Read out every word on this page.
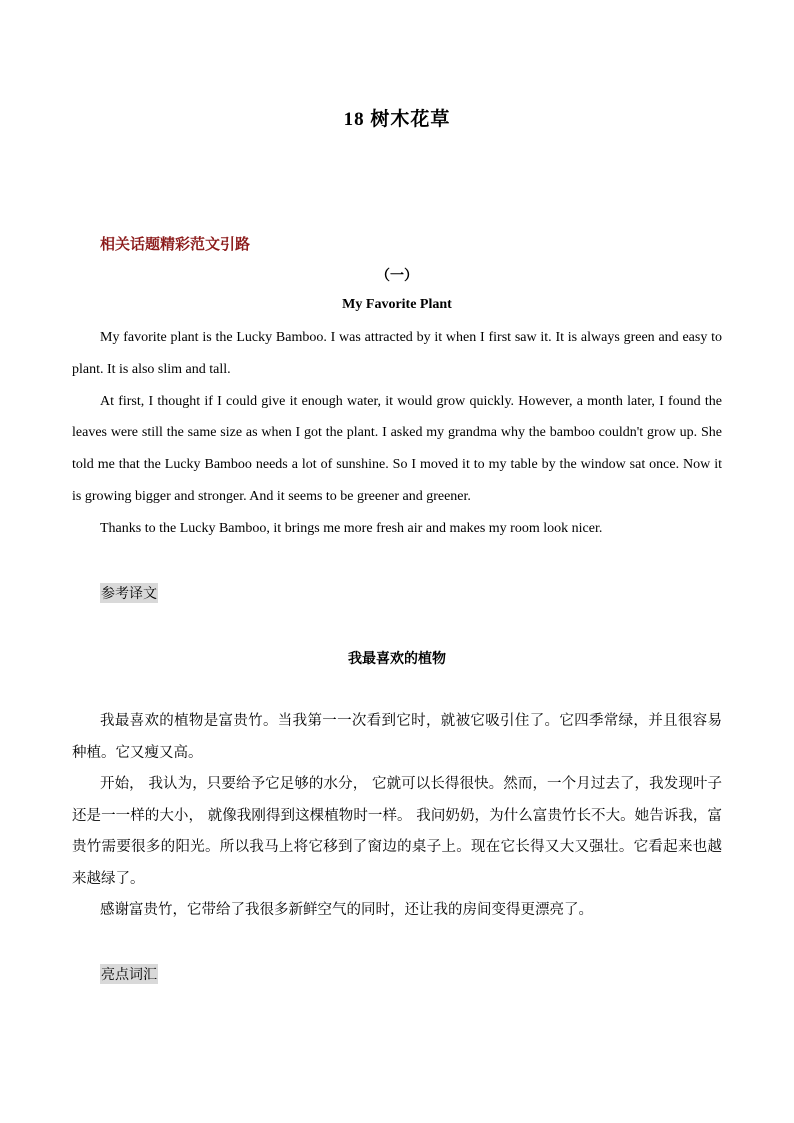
18 树木花草
相关话题精彩范文引路
（一）
My Favorite Plant

My favorite plant is the Lucky Bamboo. I was attracted by it when I first saw it. It is always green and easy to plant. It is also slim and tall.

At first, I thought if I could give it enough water, it would grow quickly. However, a month later, I found the leaves were still the same size as when I got the plant. I asked my grandma why the bamboo couldn't grow up. She told me that the Lucky Bamboo needs a lot of sunshine. So I moved it to my table by the window sat once. Now it is growing bigger and stronger. And it seems to be greener and greener.

Thanks to the Lucky Bamboo, it brings me more fresh air and makes my room look nicer.

参考译文
我最喜欢的植物

我最喜欢的植物是富贵竹。当我第一一次看到它时，就被它吸引住了。它四季常绿，并且很容易种植。它又瘦又高。

开始， 我认为，只要给予它足够的水分， 它就可以长得很快。然而，一个月过去了，我发现叶子还是一一样的大小， 就像我刚得到这棵植物时一样。 我问奶奶，为什么富贵竹长不大。她告诉我，富贵竹需要很多的阳光。所以我马上将它移到了窗边的桌子上。现在它长得又大又强壮。它看起来也越来越绿了。

感谢富贵竹，它带给了我很多新鲜空气的同时，还让我的房间变得更漂亮了。

亮点词汇
